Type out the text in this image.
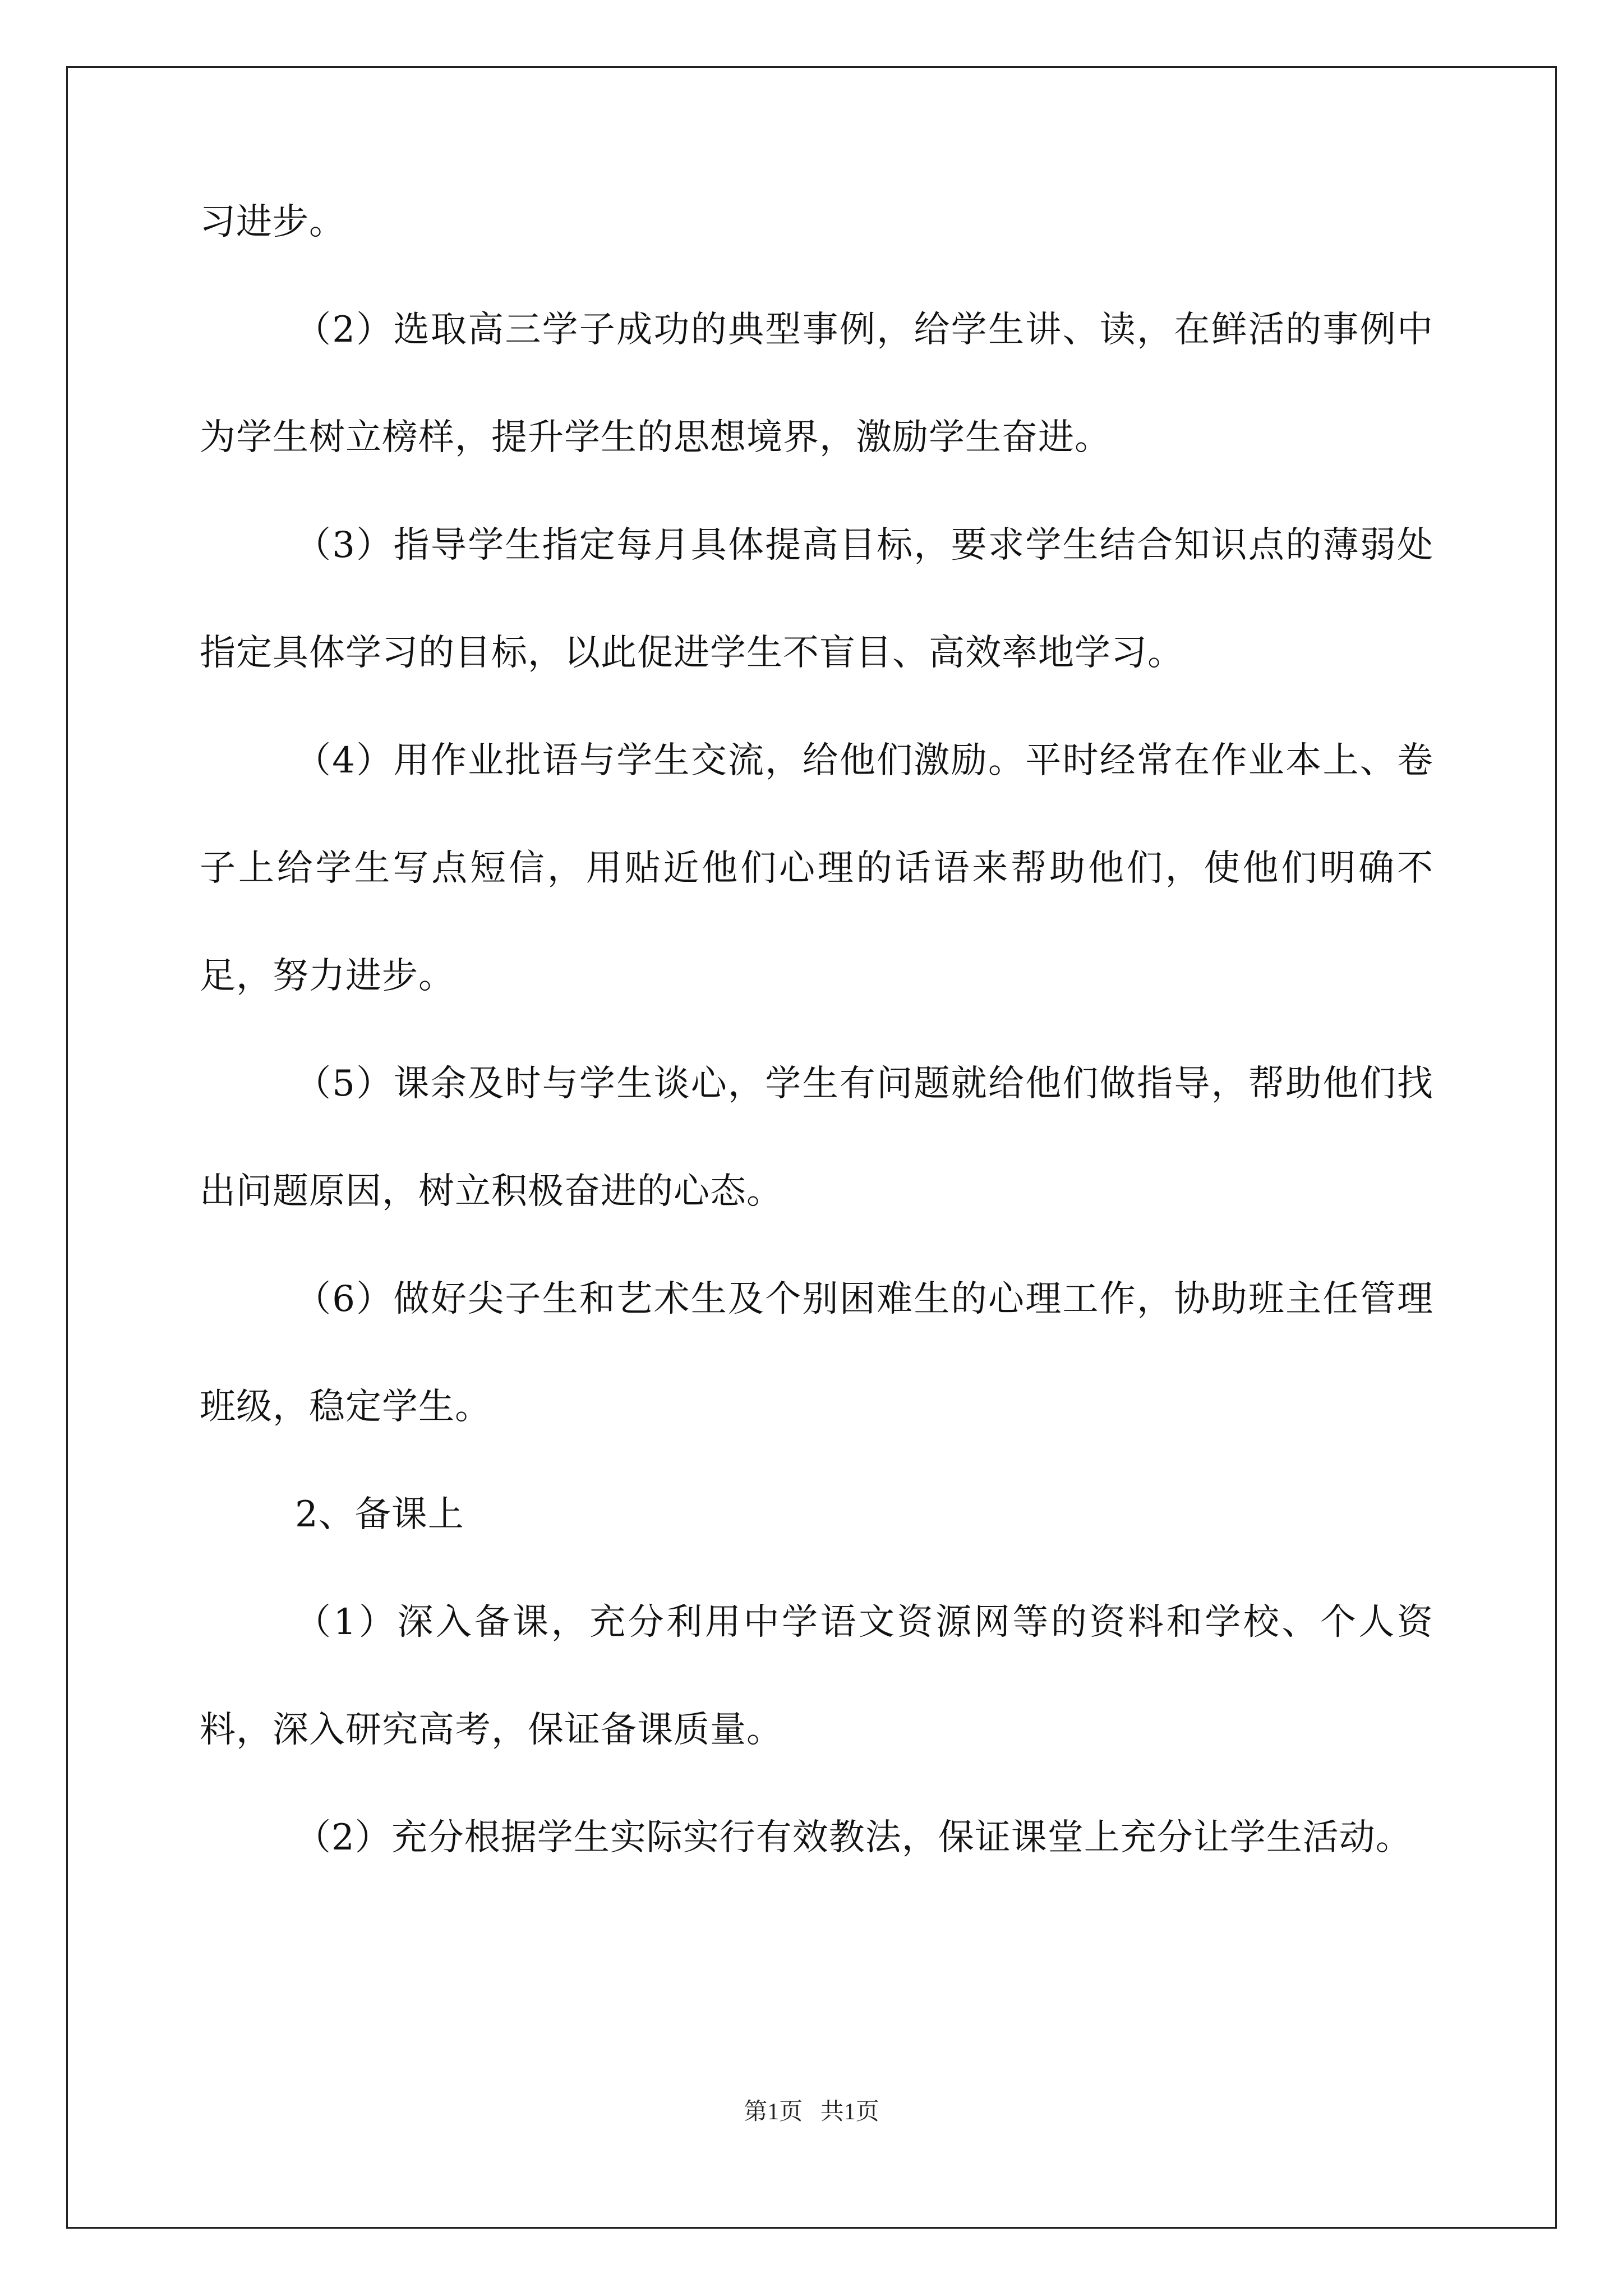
习进步。

（2）选取高三学子成功的典型事例，给学生讲、读，在鲜活的事例中为学生树立榜样，提升学生的思想境界，激励学生奋进。

（3）指导学生指定每月具体提高目标，要求学生结合知识点的薄弱处指定具体学习的目标，以此促进学生不盲目、高效率地学习。

（4）用作业批语与学生交流，给他们激励。平时经常在作业本上、卷子上给学生写点短信，用贴近他们心理的话语来帮助他们，使他们明确不足，努力进步。

（5）课余及时与学生谈心，学生有问题就给他们做指导，帮助他们找出问题原因，树立积极奋进的心态。

（6）做好尖子生和艺术生及个别困难生的心理工作，协助班主任管理班级，稳定学生。

2、备课上

（1）深入备课，充分利用中学语文资源网等的资料和学校、个人资料，深入研究高考，保证备课质量。

（2）充分根据学生实际实行有效教法，保证课堂上充分让学生活动。

第1页   共1页
